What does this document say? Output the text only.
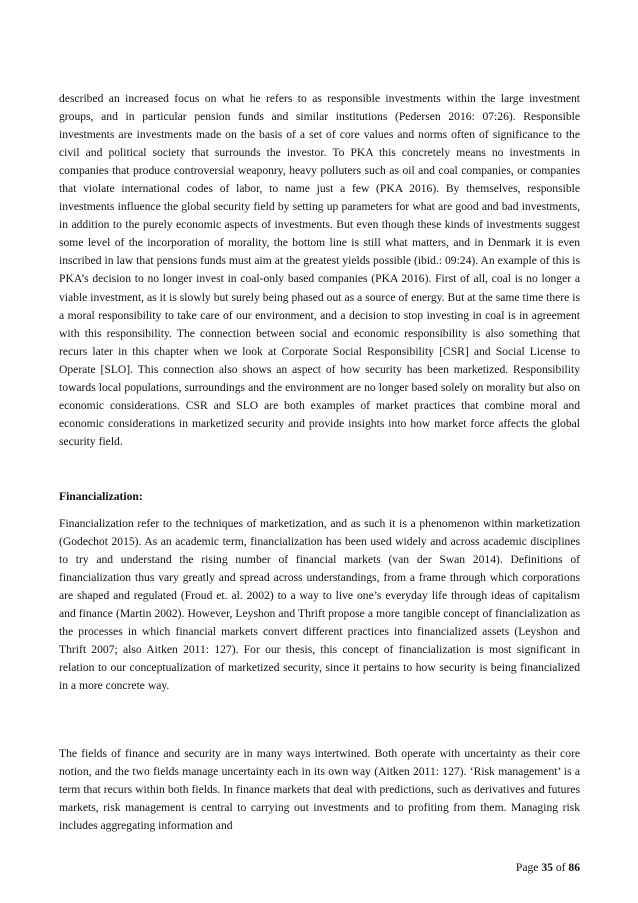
described an increased focus on what he refers to as responsible investments within the large investment groups, and in particular pension funds and similar institutions (Pedersen 2016: 07:26). Responsible investments are investments made on the basis of a set of core values and norms often of significance to the civil and political society that surrounds the investor. To PKA this concretely means no investments in companies that produce controversial weaponry, heavy polluters such as oil and coal companies, or companies that violate international codes of labor, to name just a few (PKA 2016). By themselves, responsible investments influence the global security field by setting up parameters for what are good and bad investments, in addition to the purely economic aspects of investments. But even though these kinds of investments suggest some level of the incorporation of morality, the bottom line is still what matters, and in Denmark it is even inscribed in law that pensions funds must aim at the greatest yields possible (ibid.: 09:24). An example of this is PKA’s decision to no longer invest in coal-only based companies (PKA 2016). First of all, coal is no longer a viable investment, as it is slowly but surely being phased out as a source of energy. But at the same time there is a moral responsibility to take care of our environment, and a decision to stop investing in coal is in agreement with this responsibility. The connection between social and economic responsibility is also something that recurs later in this chapter when we look at Corporate Social Responsibility [CSR] and Social License to Operate [SLO]. This connection also shows an aspect of how security has been marketized. Responsibility towards local populations, surroundings and the environment are no longer based solely on morality but also on economic considerations. CSR and SLO are both examples of market practices that combine moral and economic considerations in marketized security and provide insights into how market force affects the global security field.

Financialization:

Financialization refer to the techniques of marketization, and as such it is a phenomenon within marketization (Godechot 2015). As an academic term, financialization has been used widely and across academic disciplines to try and understand the rising number of financial markets (van der Swan 2014). Definitions of financialization thus vary greatly and spread across understandings, from a frame through which corporations are shaped and regulated (Froud et. al. 2002) to a way to live one’s everyday life through ideas of capitalism and finance (Martin 2002). However, Leyshon and Thrift propose a more tangible concept of financialization as the processes in which financial markets convert different practices into financialized assets (Leyshon and Thrift 2007; also Aitken 2011: 127). For our thesis, this concept of financialization is most significant in relation to our conceptualization of marketized security, since it pertains to how security is being financialized in a more concrete way.

The fields of finance and security are in many ways intertwined. Both operate with uncertainty as their core notion, and the two fields manage uncertainty each in its own way (Aitken 2011: 127). ‘Risk management’ is a term that recurs within both fields. In finance markets that deal with predictions, such as derivatives and futures markets, risk management is central to carrying out investments and to profiting from them. Managing risk includes aggregating information and

Page 35 of 86
